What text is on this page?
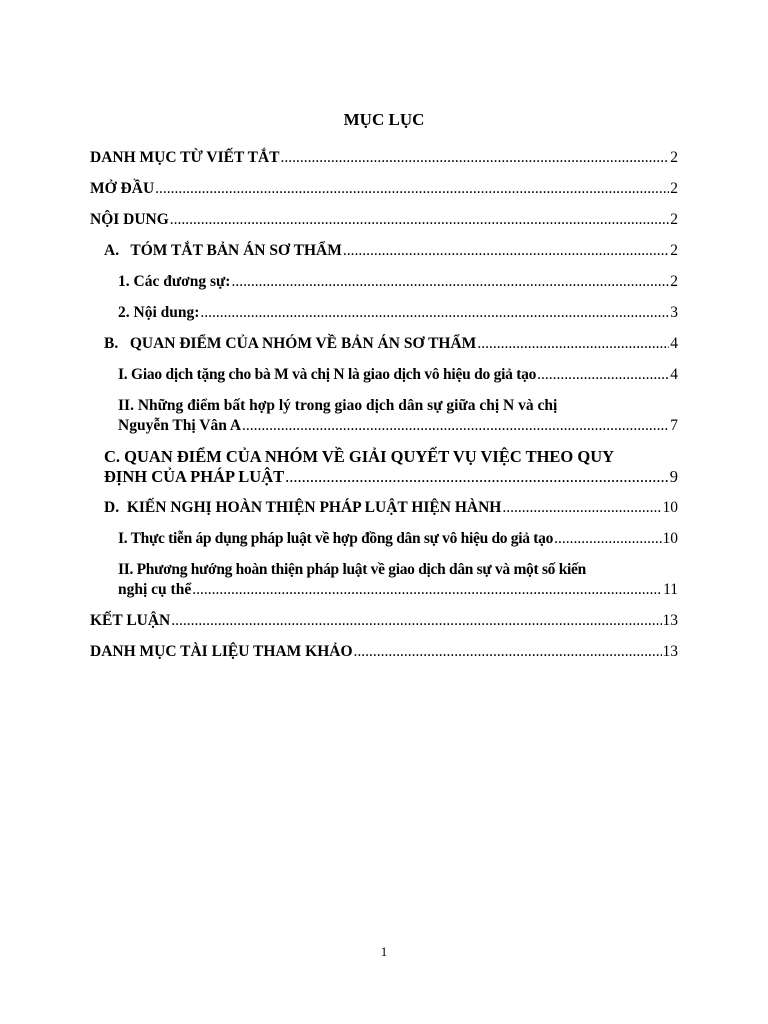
MỤC LỤC
DANH MỤC TỪ VIẾT TẮT .....	2
MỞ ĐẦU .....	2
NỘI DUNG .....	2
A.   TÓM TẮT BẢN ÁN SƠ THẨM .....	2
1. Các đương sự: .....	2
2. Nội dung: .....	3
B.   QUAN ĐIỂM CỦA NHÓM VỀ BẢN ÁN SƠ THẨM .....	4
I. Giao dịch tặng cho bà M và chị N là giao dịch vô hiệu do giả tạo .....	4
II. Những điểm bất hợp lý trong giao dịch dân sự giữa chị N và chị
Nguyễn Thị Vân A .....	7
C. QUAN ĐIỂM CỦA NHÓM VỀ GIẢI QUYẾT VỤ VIỆC THEO QUY
ĐỊNH CỦA PHÁP LUẬT .....	9
D.  KIẾN NGHỊ HOÀN THIỆN PHÁP LUẬT HIỆN HÀNH .....	10
I. Thực tiễn áp dụng pháp luật về hợp đồng dân sự vô hiệu do giả tạo .....	10
II. Phương hướng hoàn thiện pháp luật về giao dịch dân sự và một số kiến
nghị cụ thể .....	11
KẾT LUẬN .....	13
DANH MỤC TÀI LIỆU THAM KHẢO .....	13
1
